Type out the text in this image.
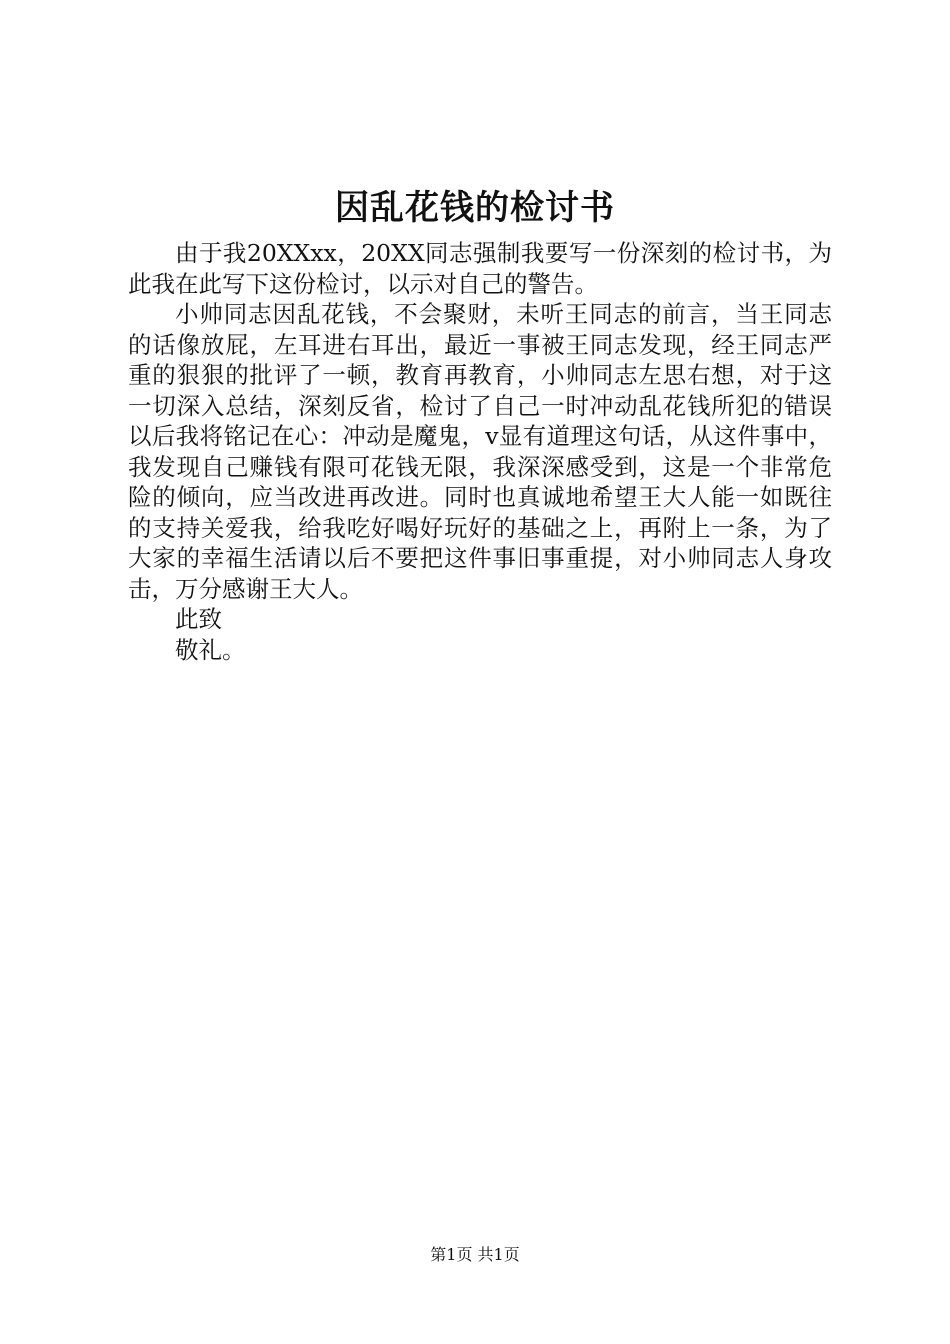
因乱花钱的检讨书

由于我20XXxx，20XX同志强制我要写一份深刻的检讨书，为此我在此写下这份检讨，以示对自己的警告。

小帅同志因乱花钱，不会聚财，未听王同志的前言，当王同志的话像放屁，左耳进右耳出，最近一事被王同志发现，经王同志严重的狠狠的批评了一顿，教育再教育，小帅同志左思右想，对于这一切深入总结，深刻反省，检讨了自己一时冲动乱花钱所犯的错误以后我将铭记在心：冲动是魔鬼，v显有道理这句话，从这件事中，我发现自己赚钱有限可花钱无限，我深深感受到，这是一个非常危险的倾向，应当改进再改进。同时也真诚地希望王大人能一如既往的支持关爱我，给我吃好喝好玩好的基础之上，再附上一条，为了大家的幸福生活请以后不要把这件事旧事重提，对小帅同志人身攻击，万分感谢王大人。

此致

敬礼。

第1页 共1页
